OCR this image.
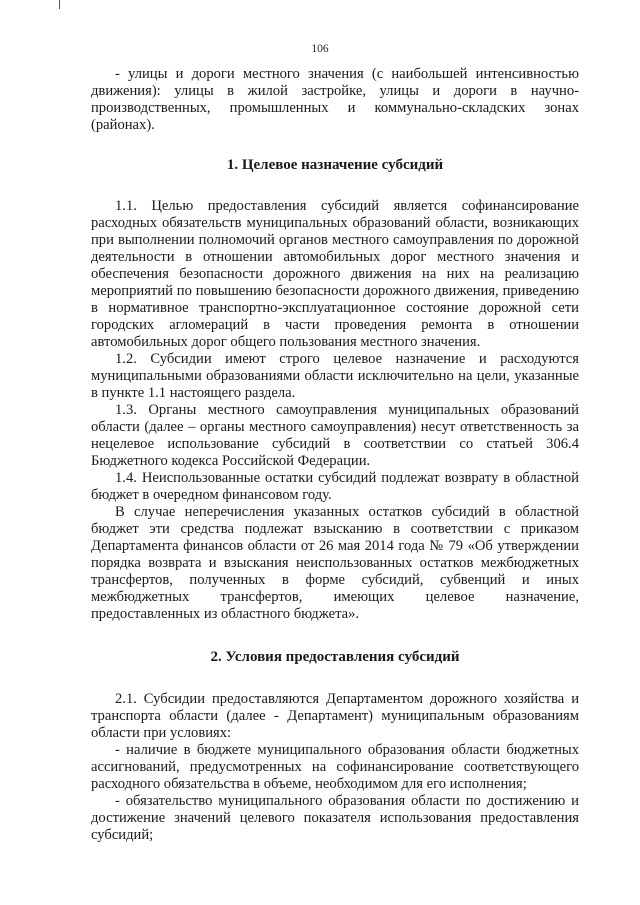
106

- улицы и дороги местного значения (с наибольшей интенсивностью движения): улицы в жилой застройке, улицы и дороги в научно-производственных, промышленных и коммунально-складских зонах (районах).

1. Целевое назначение субсидий

1.1. Целью предоставления субсидий является софинансирование расходных обязательств муниципальных образований области, возникающих при выполнении полномочий органов местного самоуправления по дорожной деятельности в отношении автомобильных дорог местного значения и обеспечения безопасности дорожного движения на них на реализацию мероприятий по повышению безопасности дорожного движения, приведению в нормативное транспортно-эксплуатационное состояние дорожной сети городских агломераций в части проведения ремонта в отношении автомобильных дорог общего пользования местного значения.

1.2. Субсидии имеют строго целевое назначение и расходуются муниципальными образованиями области исключительно на цели, указанные в пункте 1.1 настоящего раздела.

1.3. Органы местного самоуправления муниципальных образований области (далее – органы местного самоуправления) несут ответственность за нецелевое использование субсидий в соответствии со статьей 306.4 Бюджетного кодекса Российской Федерации.

1.4. Неиспользованные остатки субсидий подлежат возврату в областной бюджет в очередном финансовом году.

В случае неперечисления указанных остатков субсидий в областной бюджет эти средства подлежат взысканию в соответствии с приказом Департамента финансов области от 26 мая 2014 года № 79 «Об утверждении порядка возврата и взыскания неиспользованных остатков межбюджетных трансфертов, полученных в форме субсидий, субвенций и иных межбюджетных трансфертов, имеющих целевое назначение, предоставленных из областного бюджета».

2. Условия предоставления субсидий

2.1. Субсидии предоставляются Департаментом дорожного хозяйства и транспорта области (далее - Департамент) муниципальным образованиям области при условиях:

- наличие в бюджете муниципального образования области бюджетных ассигнований, предусмотренных на софинансирование соответствующего расходного обязательства в объеме, необходимом для его исполнения;

- обязательство муниципального образования области по достижению и достижение значений целевого показателя использования предоставления субсидий;
